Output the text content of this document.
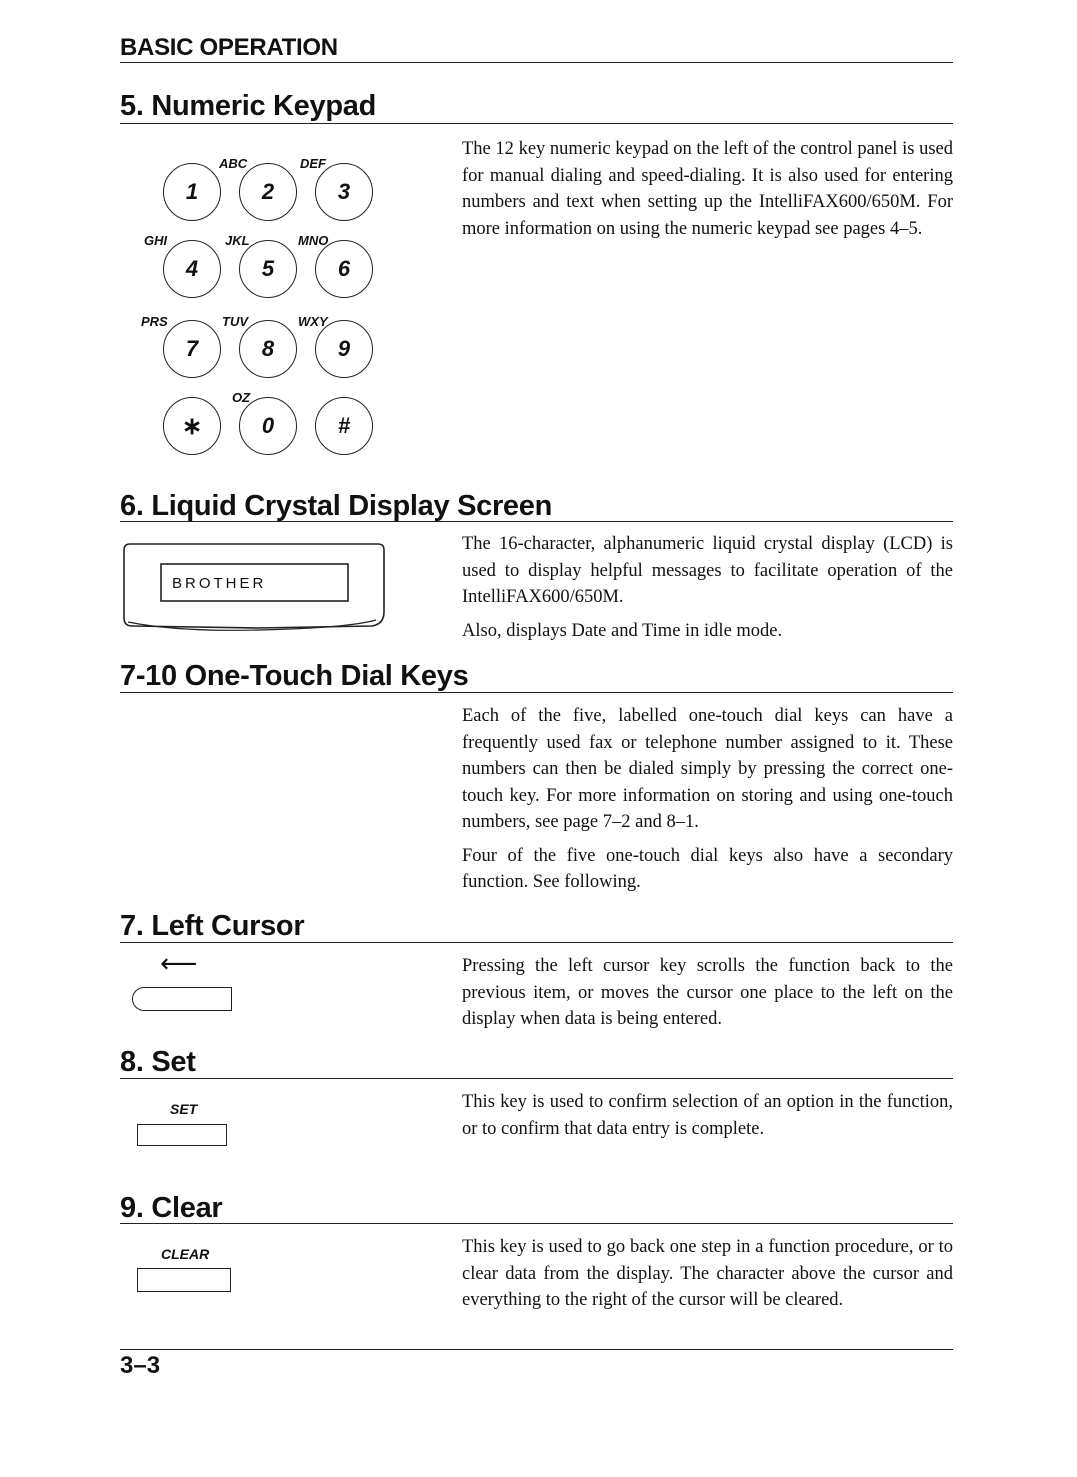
BASIC OPERATION
5. Numeric Keypad
1	2	3
ABC	DEF
4	5	6
GHI	JKL	MNO
7	8	9
PRS	TUV	WXY
∗	0	#
OZ

The 12 key numeric keypad on the left of the control panel is used for manual dialing and speed-dialing. It is also used for entering numbers and text when setting up the IntelliFAX600/650M. For more information on using the numeric keypad see pages 4–5.

6. Liquid Crystal Display Screen
BROTHER

The 16-character, alphanumeric liquid crystal display (LCD) is used to display helpful messages to facilitate operation of the IntelliFAX600/650M.

Also, displays Date and Time in idle mode.

7-10 One-Touch Dial Keys

Each of the five, labelled one-touch dial keys can have a frequently used fax or telephone number assigned to it. These numbers can then be dialed simply by pressing the correct one-touch key. For more information on storing and using one-touch numbers, see page 7–2 and 8–1.

Four of the five one-touch dial keys also have a secondary function. See following.

7. Left Cursor
⟵	Pressing the left cursor key scrolls the function back to the previous item, or moves the cursor one place to the left on the display when data is being entered.

8. Set
SET	This key is used to confirm selection of an option in the function, or to confirm that data entry is complete.

9. Clear
CLEAR	This key is used to go back one step in a function procedure, or to clear data from the display. The character above the cursor and everything to the right of the cursor will be cleared.

3–3
